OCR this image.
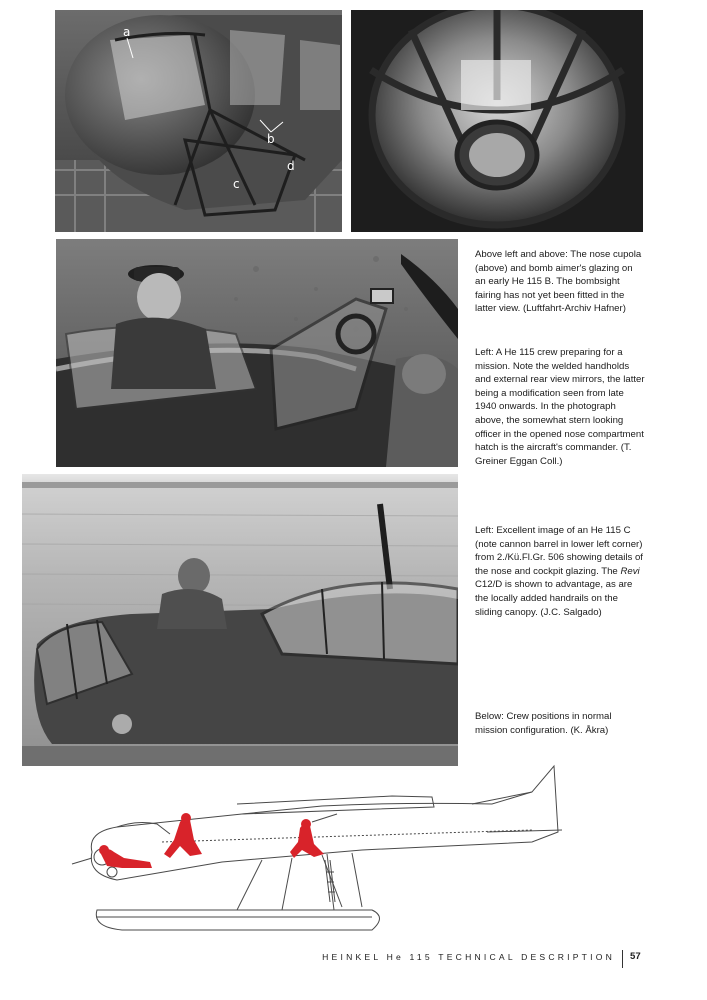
a
b
c
d

Above left and above: The nose cupola (above) and bomb aimer's glazing on an early He 115 B. The bombsight fairing has not yet been fitted in the latter view. (Luftfahrt-Archiv Hafner)

Left: A He 115 crew preparing for a mission. Note the welded handholds and external rear view mirrors, the latter being a modification seen from late 1940 onwards. In the photograph above, the somewhat stern looking officer in the opened nose compartment hatch is the aircraft's commander. (T. Greiner Eggan Coll.)

Left: Excellent image of an He 115 C (note cannon barrel in lower left corner) from 2./Kü.Fl.Gr. 506 showing details of the nose and cockpit glazing. The Revi C12/D is shown to advantage, as are the locally added handrails on the sliding canopy. (J.C. Salgado)

Below: Crew positions in normal mission configuration. (K. Åkra)

HEINKEL He 115 TECHNICAL DESCRIPTION 57
